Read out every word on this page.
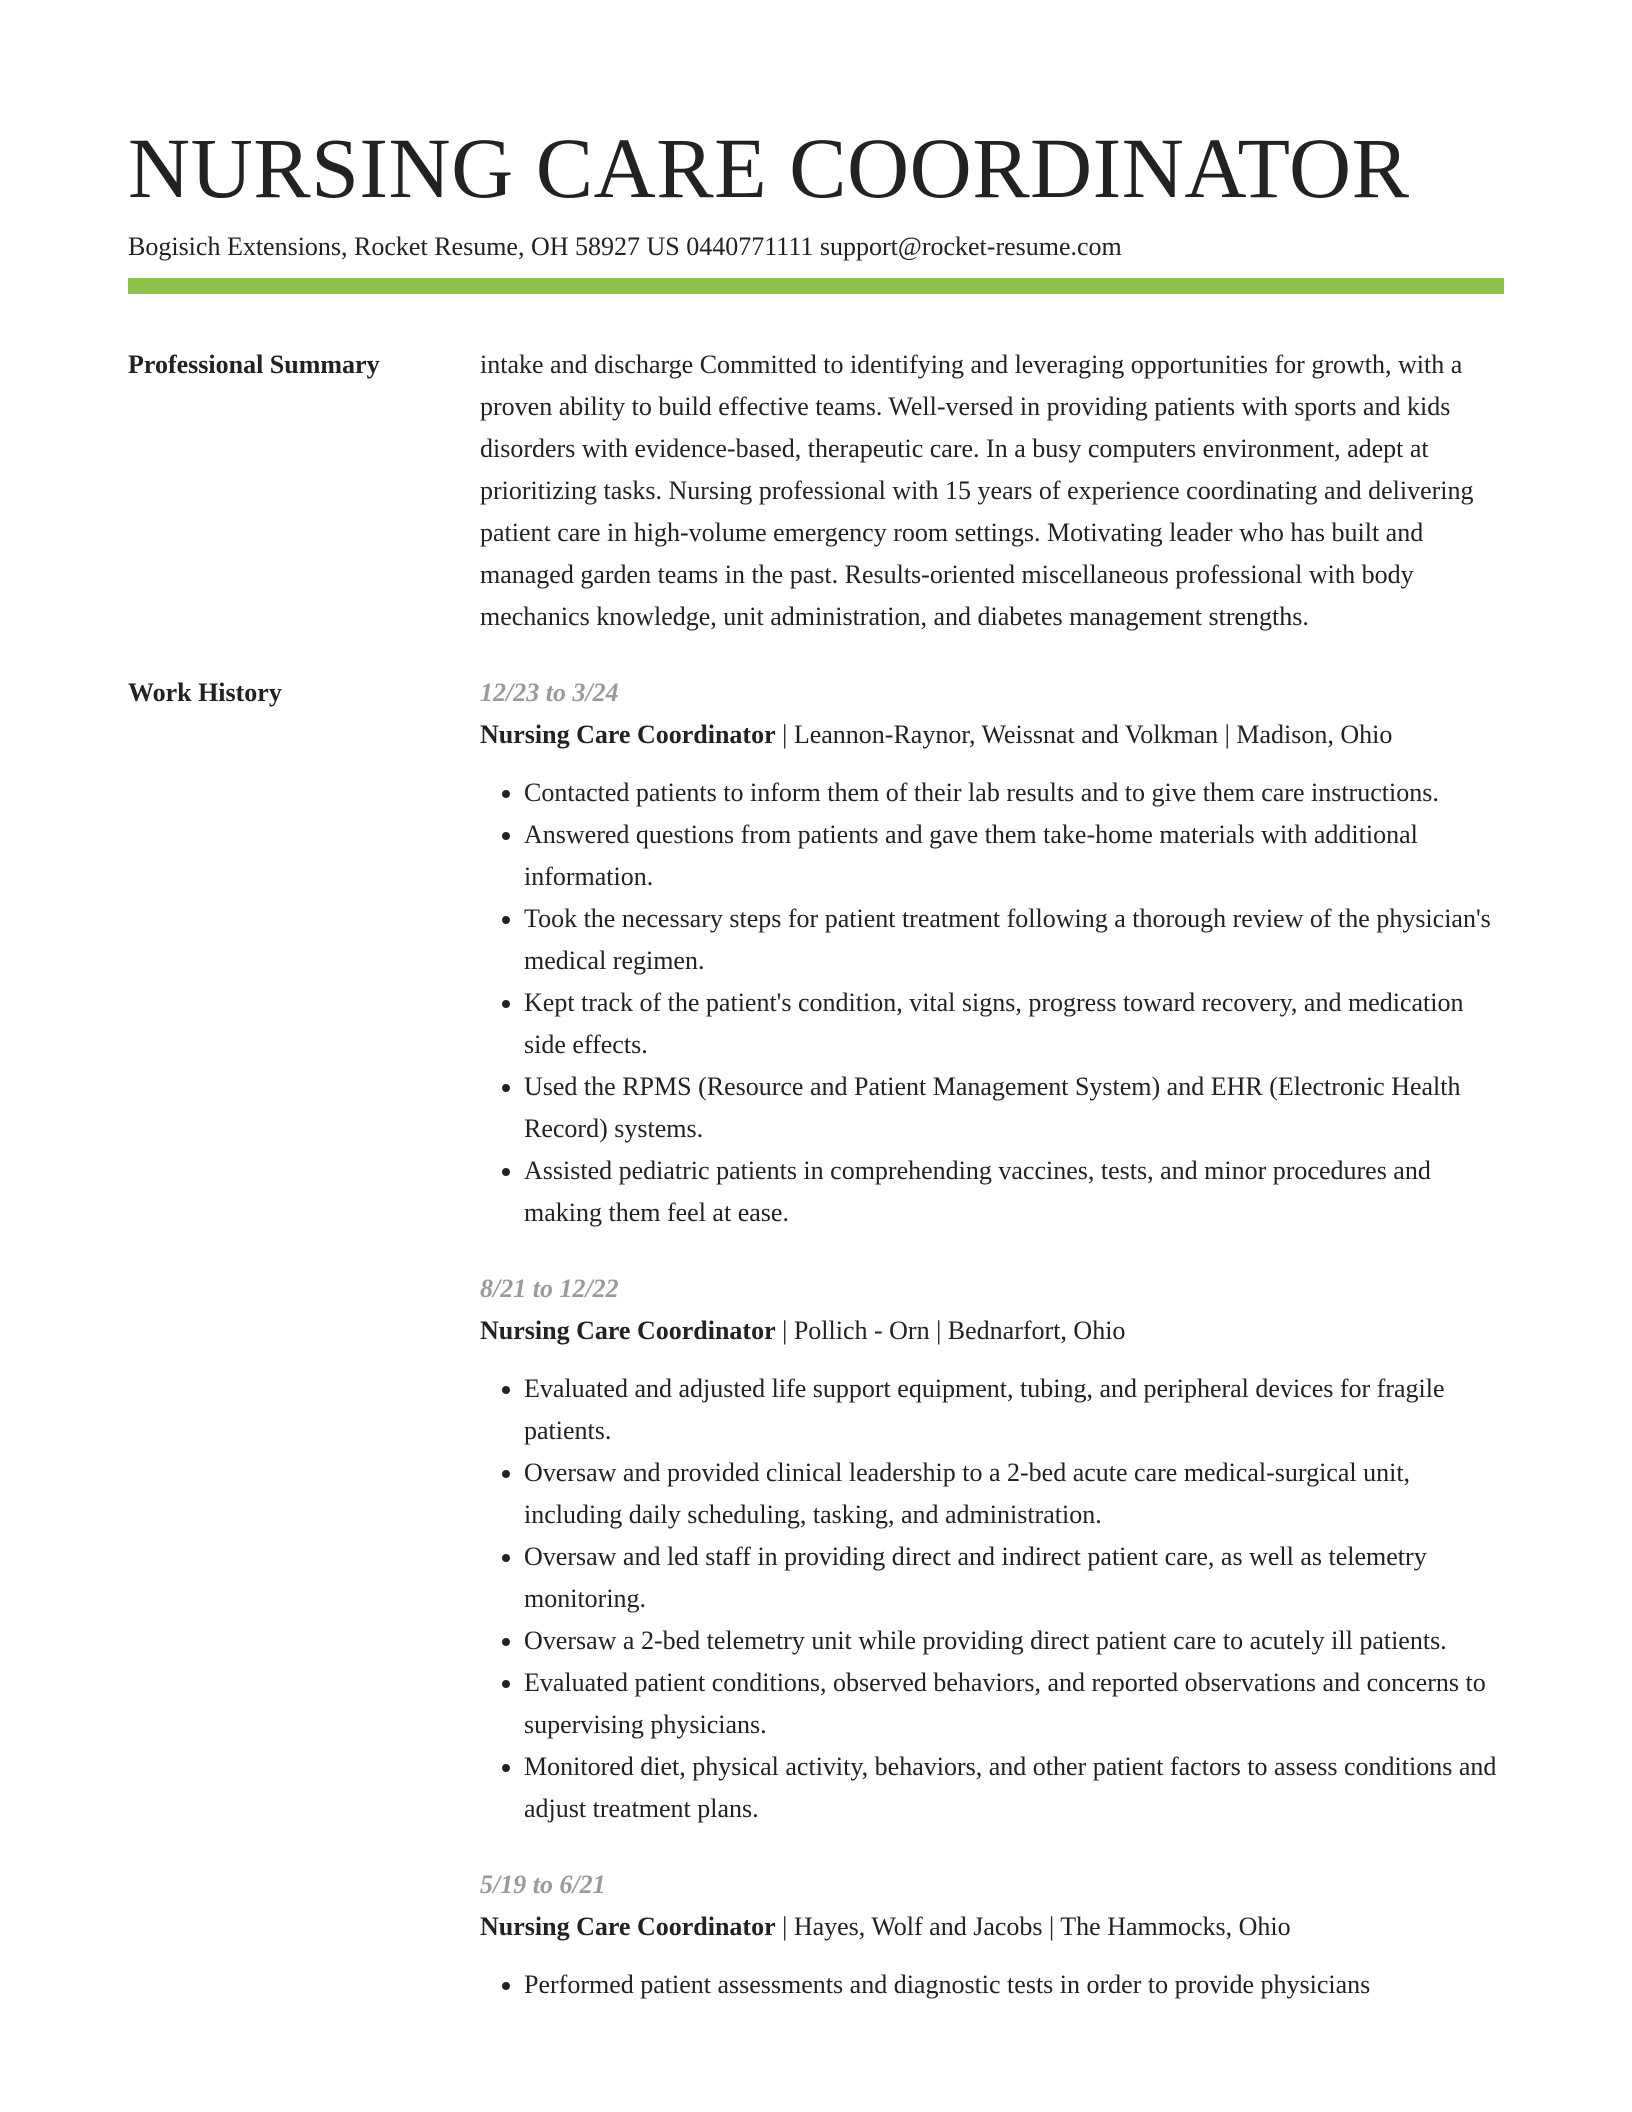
NURSING CARE COORDINATOR
Bogisich Extensions, Rocket Resume, OH 58927 US 0440771111 support@rocket-resume.com
Professional Summary	intake and discharge Committed to identifying and leveraging opportunities for growth, with a proven ability to build effective teams. Well-versed in providing patients with sports and kids disorders with evidence-based, therapeutic care. In a busy computers environment, adept at prioritizing tasks. Nursing professional with 15 years of experience coordinating and delivering patient care in high-volume emergency room settings. Motivating leader who has built and managed garden teams in the past. Results-oriented miscellaneous professional with body mechanics knowledge, unit administration, and diabetes management strengths.

Work History	12/23 to 3/24
Nursing Care Coordinator | Leannon-Raynor, Weissnat and Volkman | Madison, Ohio
• Contacted patients to inform them of their lab results and to give them care instructions.
• Answered questions from patients and gave them take-home materials with additional information.
• Took the necessary steps for patient treatment following a thorough review of the physician's medical regimen.
• Kept track of the patient's condition, vital signs, progress toward recovery, and medication side effects.
• Used the RPMS (Resource and Patient Management System) and EHR (Electronic Health Record) systems.
• Assisted pediatric patients in comprehending vaccines, tests, and minor procedures and making them feel at ease.
8/21 to 12/22
Nursing Care Coordinator | Pollich - Orn | Bednarfort, Ohio
• Evaluated and adjusted life support equipment, tubing, and peripheral devices for fragile patients.
• Oversaw and provided clinical leadership to a 2-bed acute care medical-surgical unit, including daily scheduling, tasking, and administration.
• Oversaw and led staff in providing direct and indirect patient care, as well as telemetry monitoring.
• Oversaw a 2-bed telemetry unit while providing direct patient care to acutely ill patients.
• Evaluated patient conditions, observed behaviors, and reported observations and concerns to supervising physicians.
• Monitored diet, physical activity, behaviors, and other patient factors to assess conditions and adjust treatment plans.
5/19 to 6/21
Nursing Care Coordinator | Hayes, Wolf and Jacobs | The Hammocks, Ohio
• Performed patient assessments and diagnostic tests in order to provide physicians
